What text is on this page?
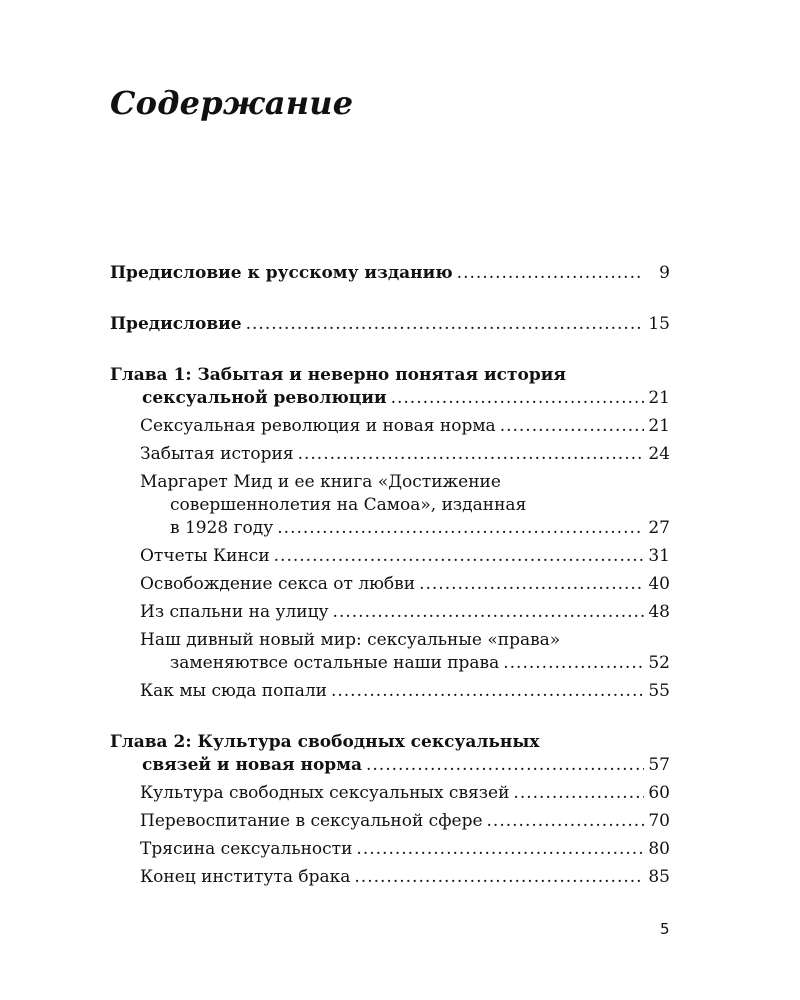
Содержание
Предисловие к русскому изданию .....	9
Предисловие .....	15
Глава 1: Забытая и неверно понятая история
сексуальной революции .....	21
Сексуальная революция и новая норма .....	21
Забытая история .....	24
Маргарет Мид и ее книга «Достижение
совершеннолетия на Самоа», изданная
в 1928 году .....	27
Отчеты Кинси .....	31
Освобождение секса от любви .....	40
Из спальни на улицу .....	48
Наш дивный новый мир: сексуальные «права»
заменяютвсе остальные наши права .....	52
Как мы сюда попали .....	55
Глава 2: Культура свободных сексуальных
связей и новая норма .....	57
Культура свободных сексуальных связей .....	60
Перевоспитание в сексуальной сфере .....	70
Трясина сексуальности .....	80
Конец института брака .....	85
5
